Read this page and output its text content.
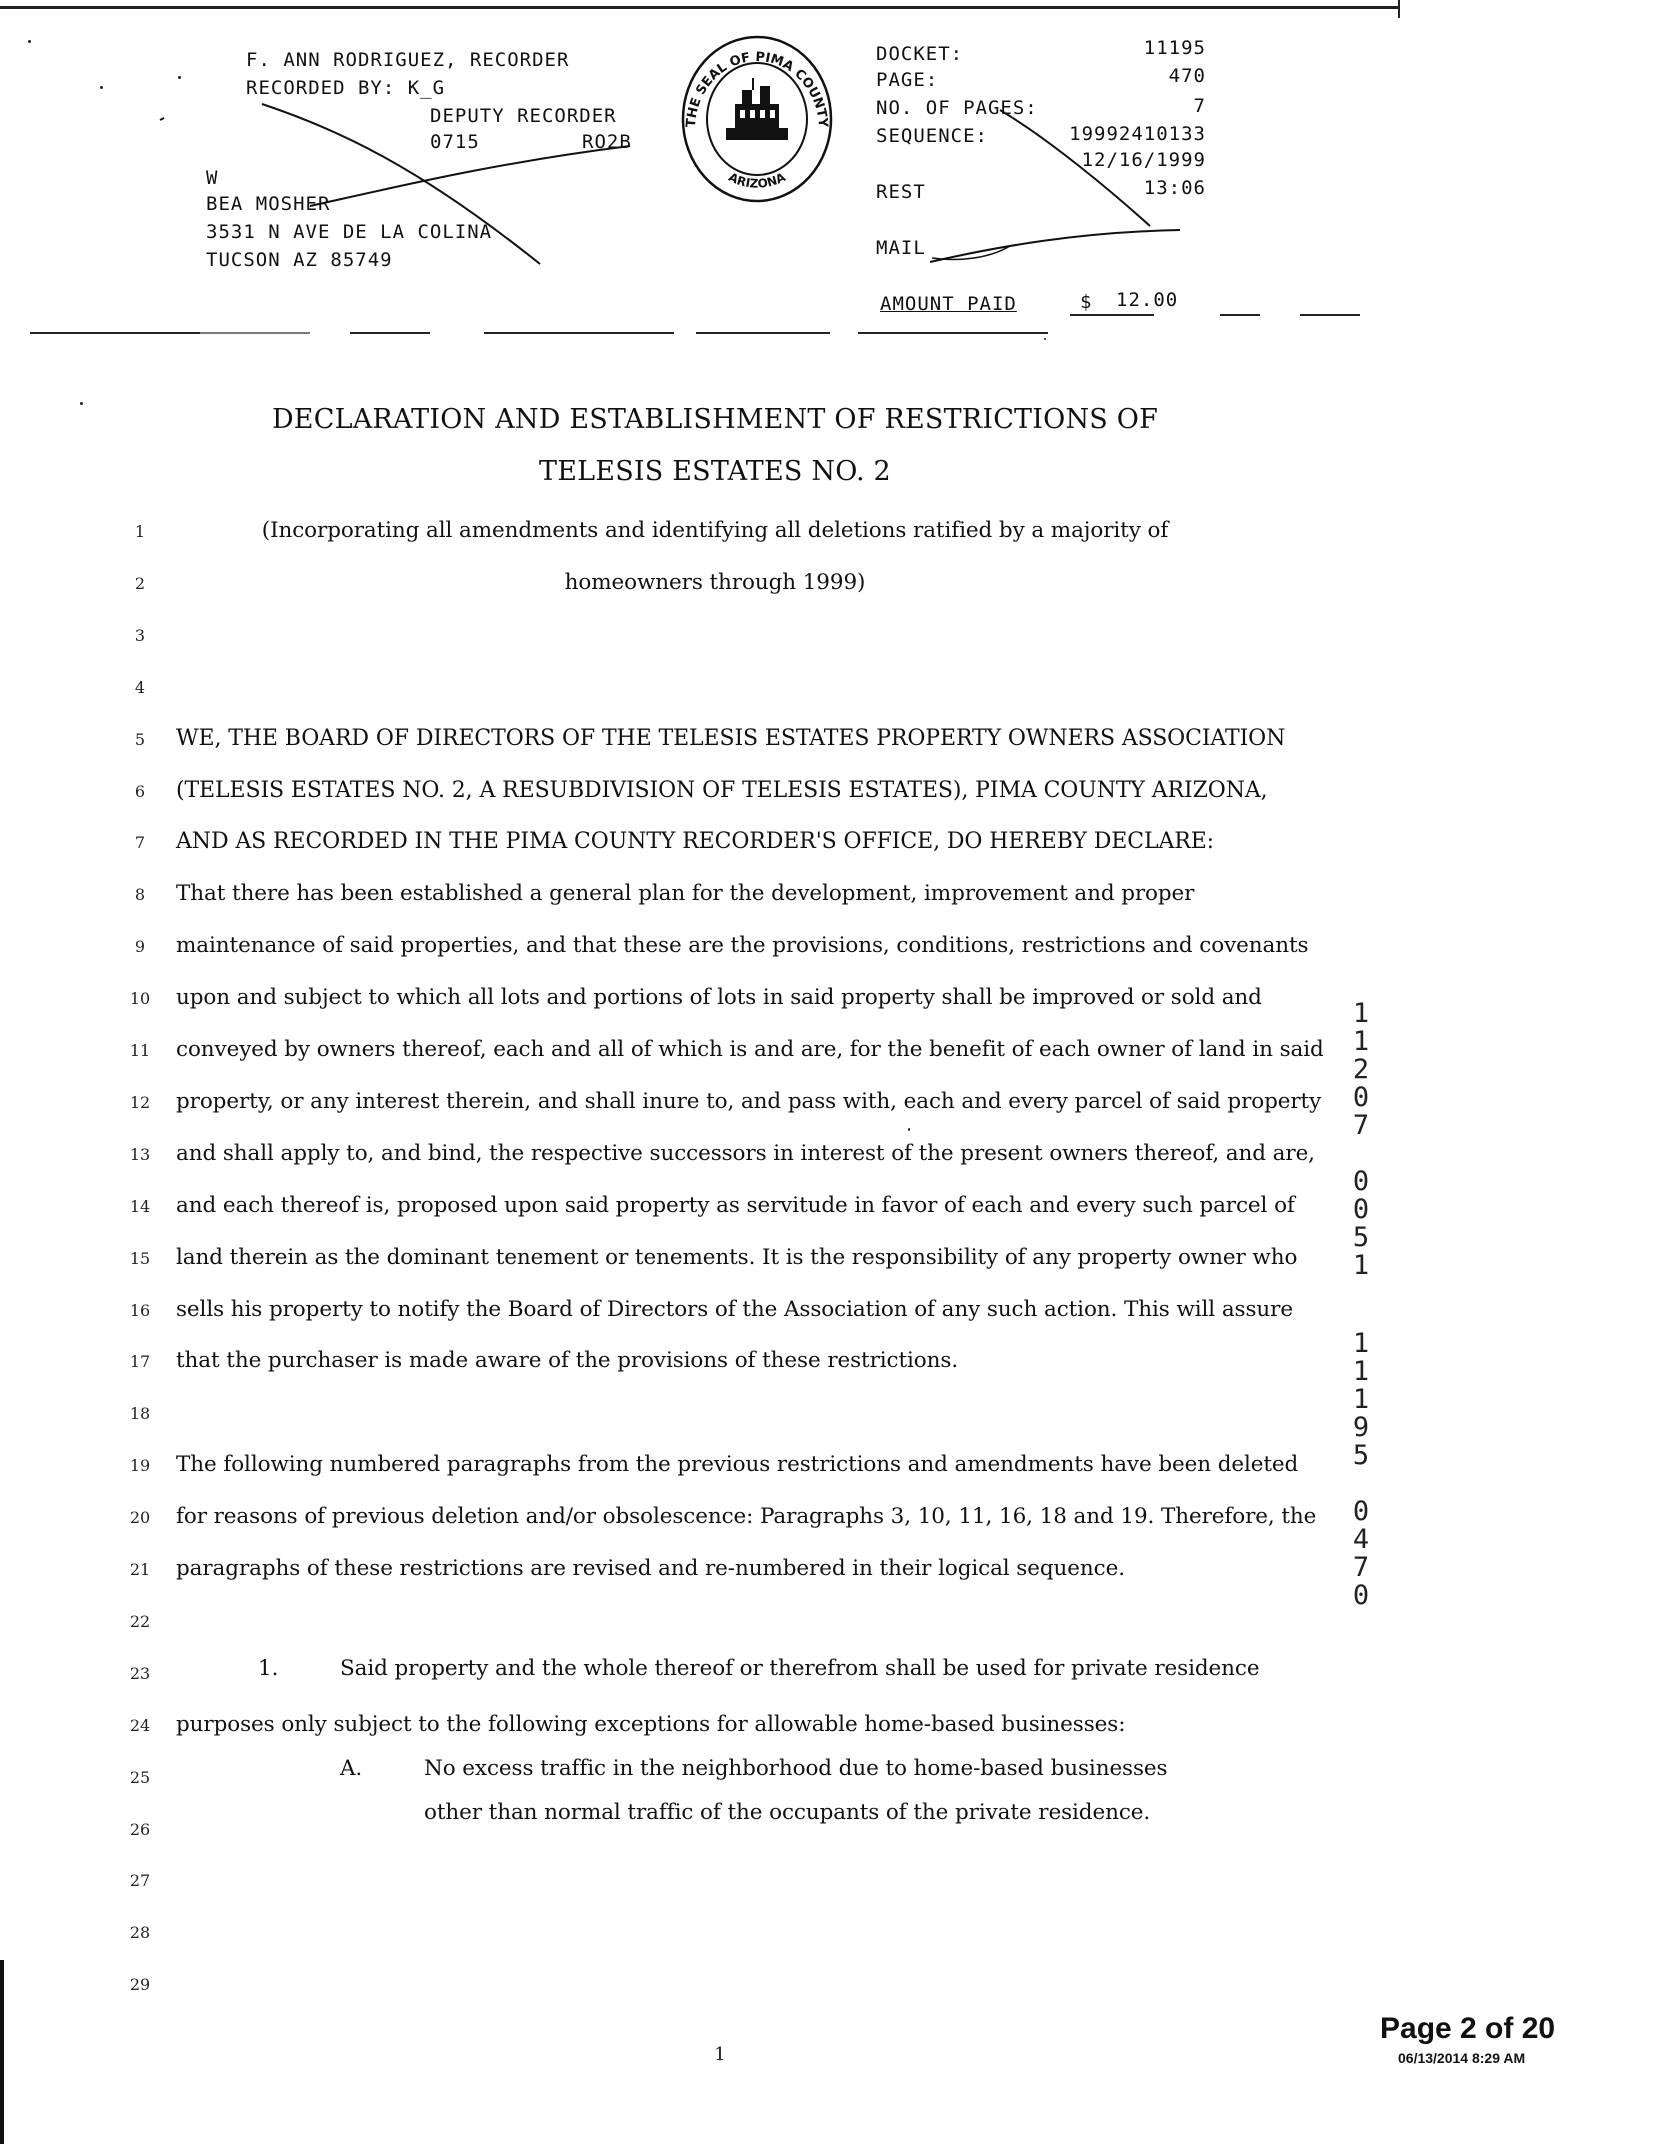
F. ANN RODRIGUEZ, RECORDER
RECORDED BY: K_G
DEPUTY RECORDER
0715	RO2B
W
BEA MOSHER
3531 N AVE DE LA COLINA
TUCSON AZ 85749
THE SEAL OF PIMA COUNTY
ARIZONA
DOCKET:	11195
PAGE:	470
NO. OF PAGES:	7
SEQUENCE:	19992410133
12/16/1999
REST	13:06
MAIL
AMOUNT PAID	$ 12.00
DECLARATION AND ESTABLISHMENT OF RESTRICTIONS OF
TELESIS ESTATES NO. 2
1	(Incorporating all amendments and identifying all deletions ratified by a majority of
2	homeowners through 1999)
3
4
5	WE, THE BOARD OF DIRECTORS OF THE TELESIS ESTATES PROPERTY OWNERS ASSOCIATION
6	(TELESIS ESTATES NO. 2, A RESUBDIVISION OF TELESIS ESTATES), PIMA COUNTY ARIZONA,
7	AND AS RECORDED IN THE PIMA COUNTY RECORDER'S OFFICE, DO HEREBY DECLARE:
8	That there has been established a general plan for the development, improvement and proper
9	maintenance of said properties, and that these are the provisions, conditions, restrictions and covenants
10	upon and subject to which all lots and portions of lots in said property shall be improved or sold and
11	conveyed by owners thereof, each and all of which is and are, for the benefit of each owner of land in said
12	property, or any interest therein, and shall inure to, and pass with, each and every parcel of said property
13	and shall apply to, and bind, the respective successors in interest of the present owners thereof, and are,
14	and each thereof is, proposed upon said property as servitude in favor of each and every such parcel of
15	land therein as the dominant tenement or tenements. It is the responsibility of any property owner who
16	sells his property to notify the Board of Directors of the Association of any such action. This will assure
17	that the purchaser is made aware of the provisions of these restrictions.
18
19	The following numbered paragraphs from the previous restrictions and amendments have been deleted
20	for reasons of previous deletion and/or obsolescence: Paragraphs 3, 10, 11, 16, 18 and 19. Therefore, the
21	paragraphs of these restrictions are revised and re-numbered in their logical sequence.
22
23
24	purposes only subject to the following exceptions for allowable home-based businesses:
25
26
27
28
29
1.	Said property and the whole thereof or therefrom shall be used for private residence
A.	No excess traffic in the neighborhood due to home-based businesses
other than normal traffic of the occupants of the private residence.
1
1
2
0
7
0
0
5
1
1
1
1
9
5
0
4
7
0
1
Page 2 of 20
06/13/2014 8:29 AM
